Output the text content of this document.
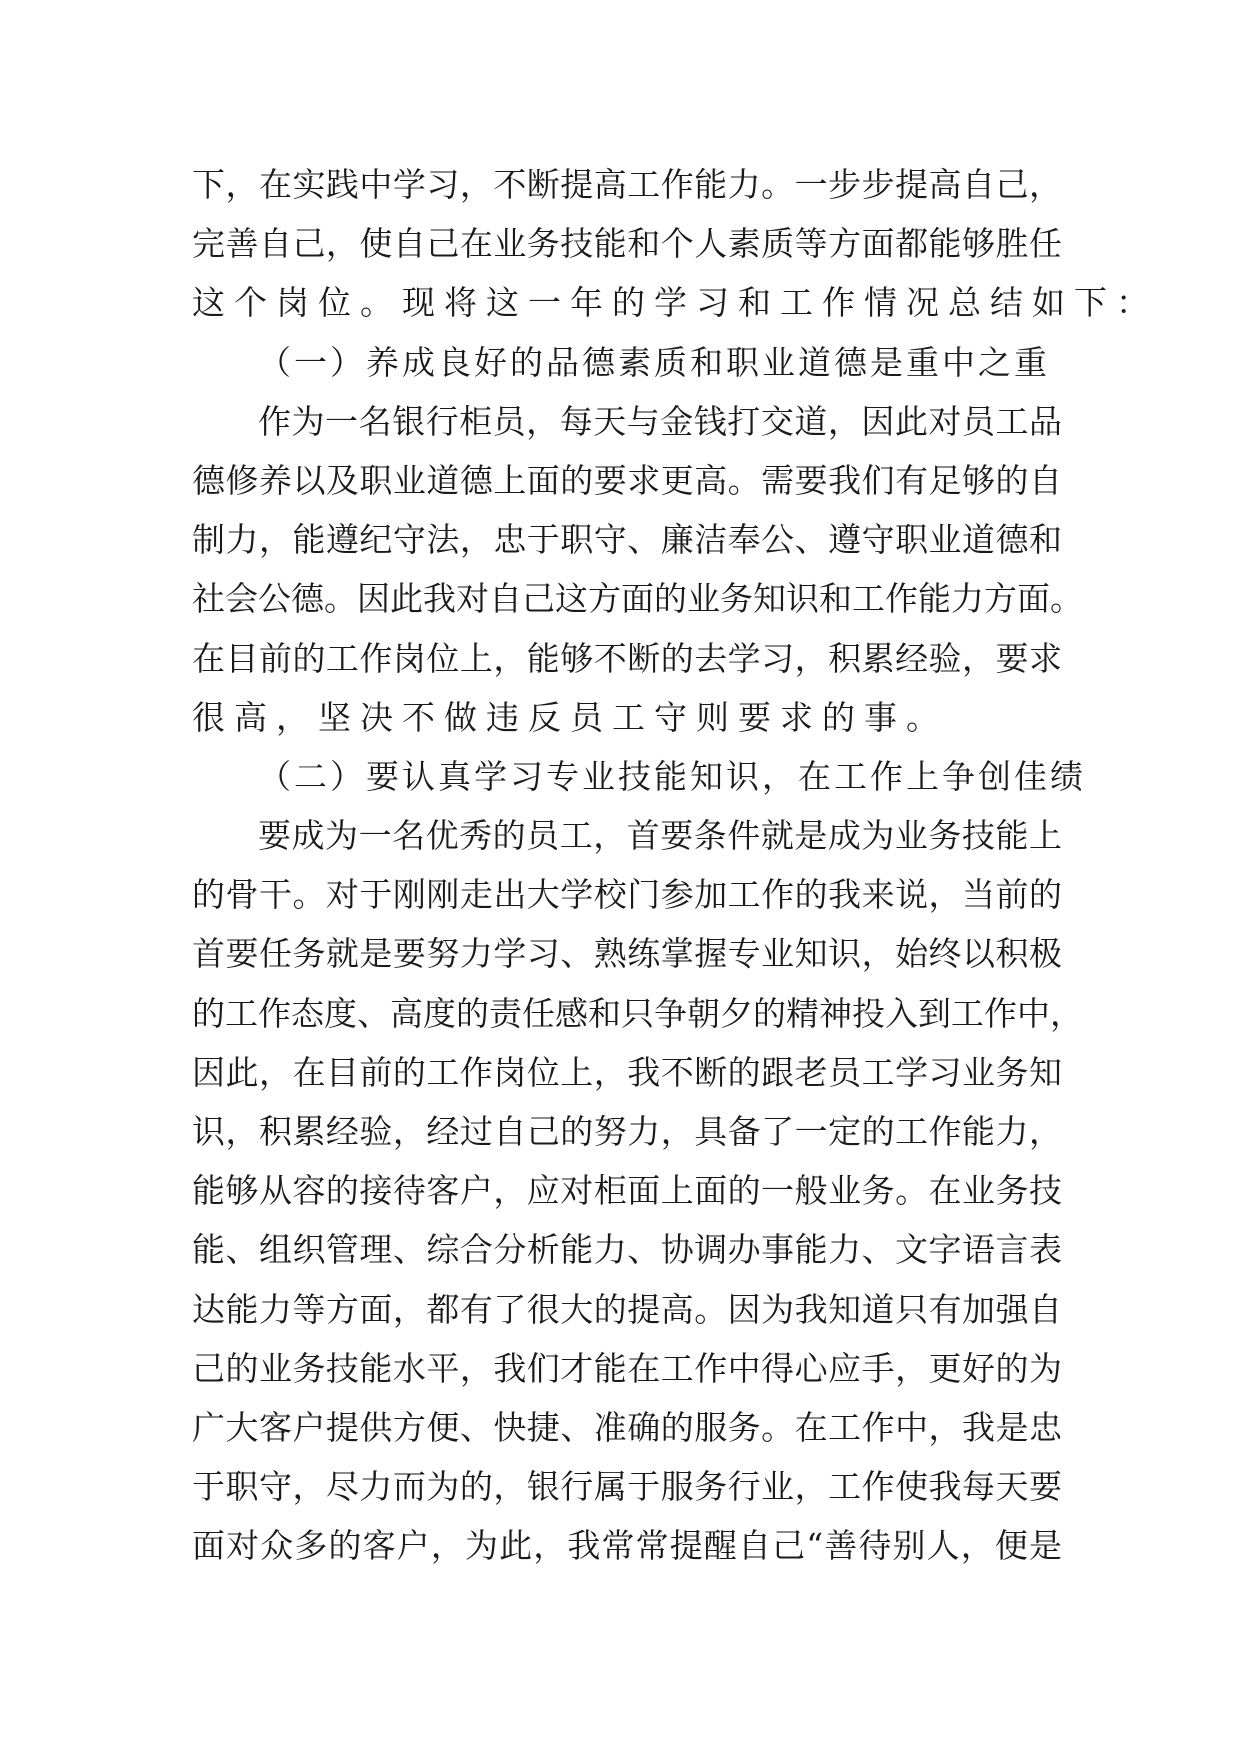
下，在实践中学习，不断提高工作能力。一步步提高自己，
完善自己，使自己在业务技能和个人素质等方面都能够胜任
这个岗位。现将这一年的学习和工作情况总结如下：
（一）养成良好的品德素质和职业道德是重中之重
作为一名银行柜员，每天与金钱打交道，因此对员工品
德修养以及职业道德上面的要求更高。需要我们有足够的自
制力，能遵纪守法，忠于职守、廉洁奉公、遵守职业道德和
社会公德。因此我对自己这方面的业务知识和工作能力方面。
在目前的工作岗位上，能够不断的去学习，积累经验，要求
很高，坚决不做违反员工守则要求的事。
（二）要认真学习专业技能知识，在工作上争创佳绩
要成为一名优秀的员工，首要条件就是成为业务技能上
的骨干。对于刚刚走出大学校门参加工作的我来说，当前的
首要任务就是要努力学习、熟练掌握专业知识，始终以积极
的工作态度、高度的责任感和只争朝夕的精神投入到工作中，
因此，在目前的工作岗位上，我不断的跟老员工学习业务知
识，积累经验，经过自己的努力，具备了一定的工作能力，
能够从容的接待客户，应对柜面上面的一般业务。在业务技
能、组织管理、综合分析能力、协调办事能力、文字语言表
达能力等方面，都有了很大的提高。因为我知道只有加强自
己的业务技能水平，我们才能在工作中得心应手，更好的为
广大客户提供方便、快捷、准确的服务。在工作中，我是忠
于职守，尽力而为的，银行属于服务行业，工作使我每天要
面对众多的客户，为此，我常常提醒自己“善待别人，便是
